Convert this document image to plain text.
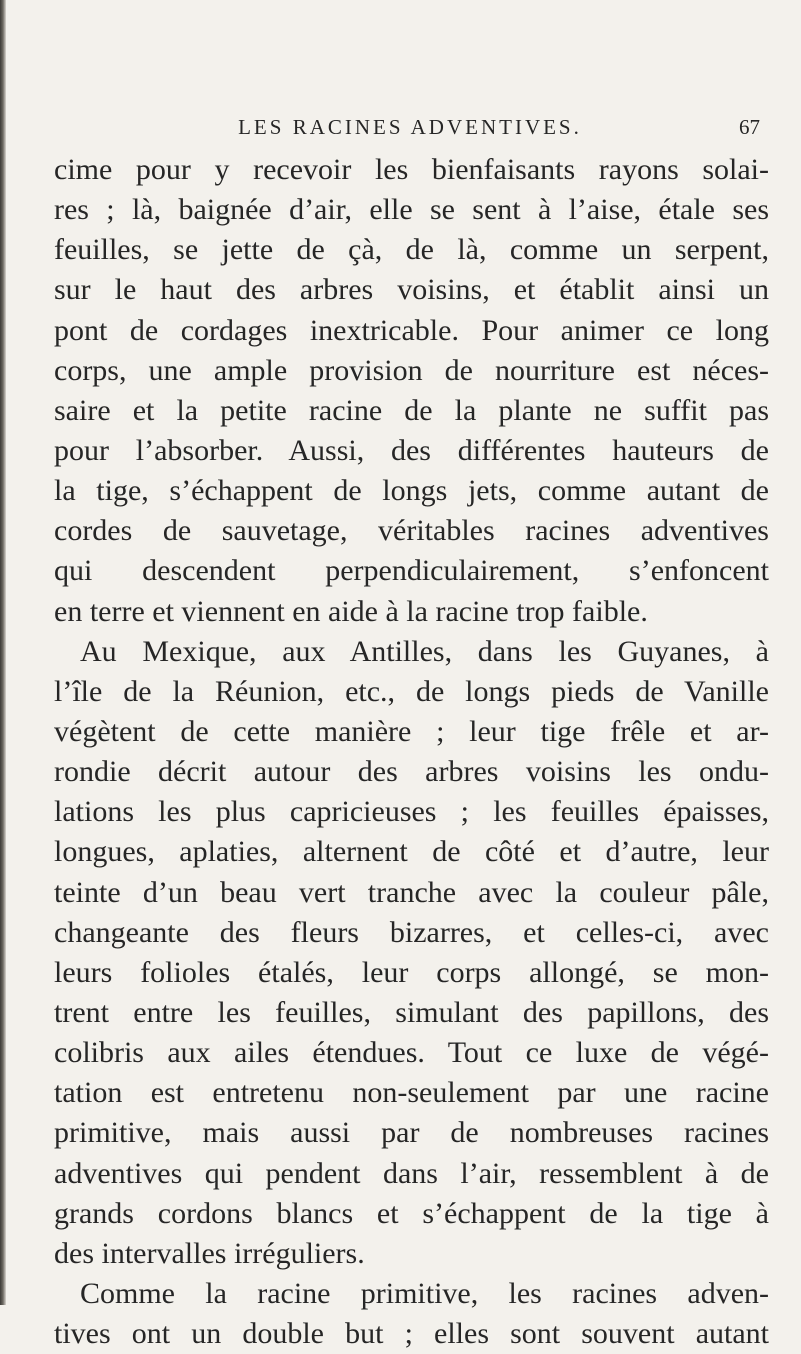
LES RACINES ADVENTIVES.	67
cime pour y recevoir les bienfaisants rayons solai-
res ; là, baignée d’air, elle se sent à l’aise, étale ses
feuilles, se jette de çà, de là, comme un serpent,
sur le haut des arbres voisins, et établit ainsi un
pont de cordages inextricable. Pour animer ce long
corps, une ample provision de nourriture est néces-
saire et la petite racine de la plante ne suffit pas
pour l’absorber. Aussi, des différentes hauteurs de
la tige, s’échappent de longs jets, comme autant de
cordes de sauvetage, véritables racines adventives
qui descendent perpendiculairement, s’enfoncent
en terre et viennent en aide à la racine trop faible.
Au Mexique, aux Antilles, dans les Guyanes, à
l’île de la Réunion, etc., de longs pieds de Vanille
végètent de cette manière ; leur tige frêle et ar-
rondie décrit autour des arbres voisins les ondu-
lations les plus capricieuses ; les feuilles épaisses,
longues, aplaties, alternent de côté et d’autre, leur
teinte d’un beau vert tranche avec la couleur pâle,
changeante des fleurs bizarres, et celles-ci, avec
leurs folioles étalés, leur corps allongé, se mon-
trent entre les feuilles, simulant des papillons, des
colibris aux ailes étendues. Tout ce luxe de végé-
tation est entretenu non-seulement par une racine
primitive, mais aussi par de nombreuses racines
adventives qui pendent dans l’air, ressemblent à de
grands cordons blancs et s’échappent de la tige à
des intervalles irréguliers.
Comme la racine primitive, les racines adven-
tives ont un double but ; elles sont souvent autant
